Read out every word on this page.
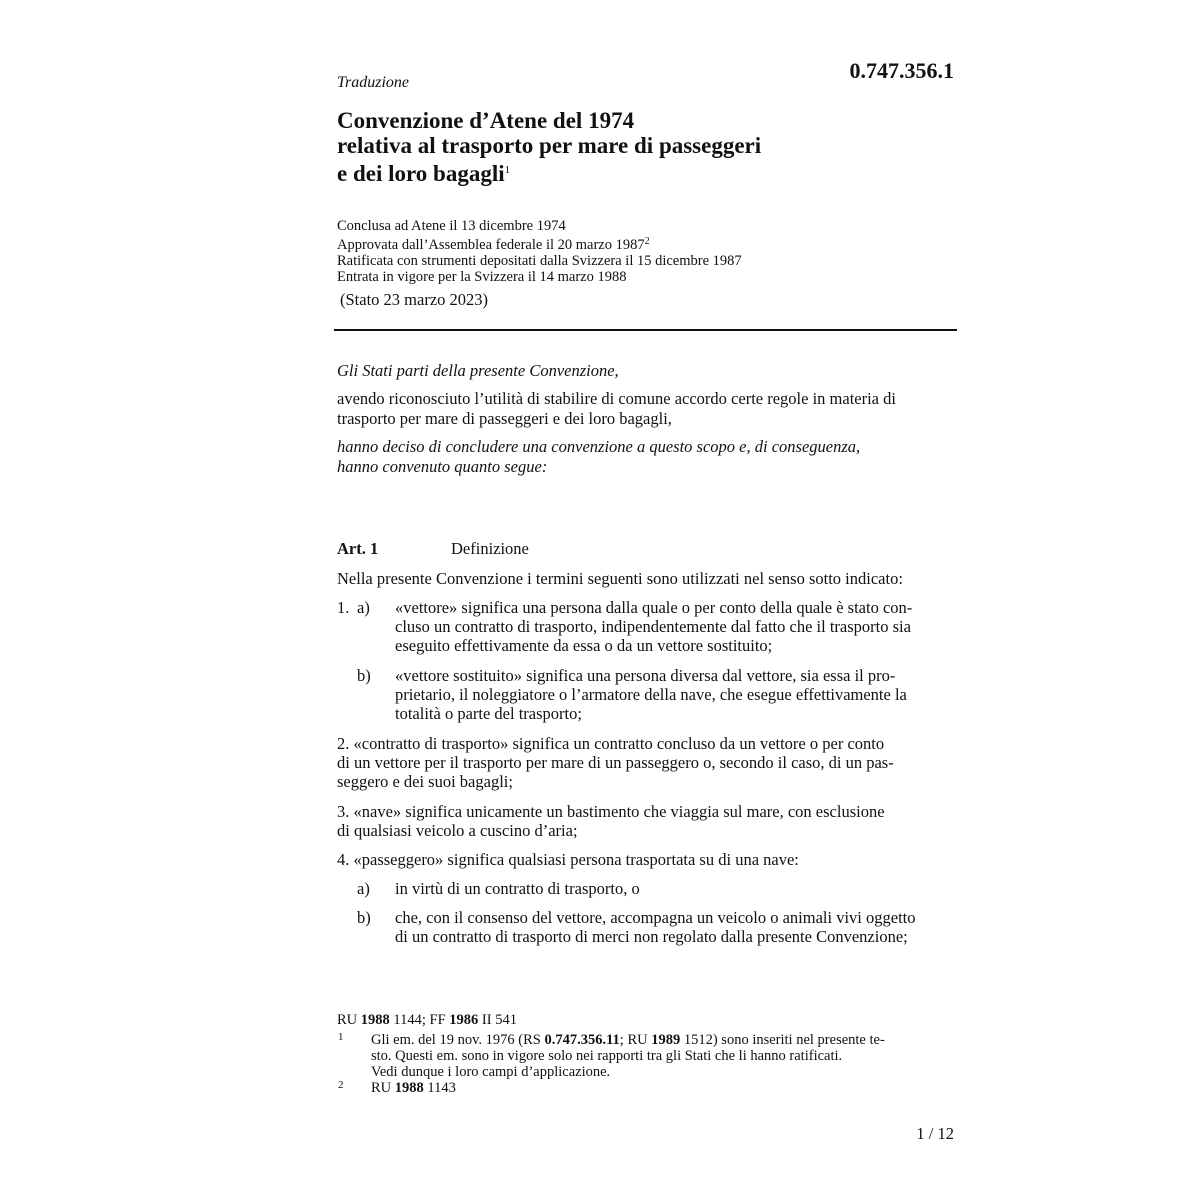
0.747.356.1
Traduzione
Convenzione d’Atene del 1974
relativa al trasporto per mare di passeggeri
e dei loro bagagli$^1$
Conclusa ad Atene il 13 dicembre 1974
Approvata dall’Assemblea federale il 20 marzo 1987$^2$
Ratificata con strumenti depositati dalla Svizzera il 15 dicembre 1987
Entrata in vigore per la Svizzera il 14 marzo 1988
(Stato 23 marzo 2023)
Gli Stati parti della presente Convenzione,
avendo riconosciuto l’utilità di stabilire di comune accordo certe regole in materia di
trasporto per mare di passeggeri e dei loro bagagli,
hanno deciso di concludere una convenzione a questo scopo e, di conseguenza,
hanno convenuto quanto segue:
Art. 1	Definizione
Nella presente Convenzione i termini seguenti sono utilizzati nel senso sotto indicato:
1. a) «vettore» significa una persona dalla quale o per conto della quale è stato con-
cluso un contratto di trasporto, indipendentemente dal fatto che il trasporto sia
eseguito effettivamente da essa o da un vettore sostituito;
b) «vettore sostituito» significa una persona diversa dal vettore, sia essa il pro-
prietario, il noleggiatore o l’armatore della nave, che esegue effettivamente la
totalità o parte del trasporto;
2. «contratto di trasporto» significa un contratto concluso da un vettore o per conto
di un vettore per il trasporto per mare di un passeggero o, secondo il caso, di un pas-
seggero e dei suoi bagagli;
3. «nave» significa unicamente un bastimento che viaggia sul mare, con esclusione
di qualsiasi veicolo a cuscino d’aria;
4. «passeggero» significa qualsiasi persona trasportata su di una nave:
a) in virtù di un contratto di trasporto, o
b) che, con il consenso del vettore, accompagna un veicolo o animali vivi oggetto
di un contratto di trasporto di merci non regolato dalla presente Convenzione;
RU 1988 1144; FF 1986 II 541
1 Gli em. del 19 nov. 1976 (RS 0.747.356.11; RU 1989 1512) sono inseriti nel presente te-
sto. Questi em. sono in vigore solo nei rapporti tra gli Stati che li hanno ratificati.
Vedi dunque i loro campi d’applicazione.
2 RU 1988 1143
1 / 12
